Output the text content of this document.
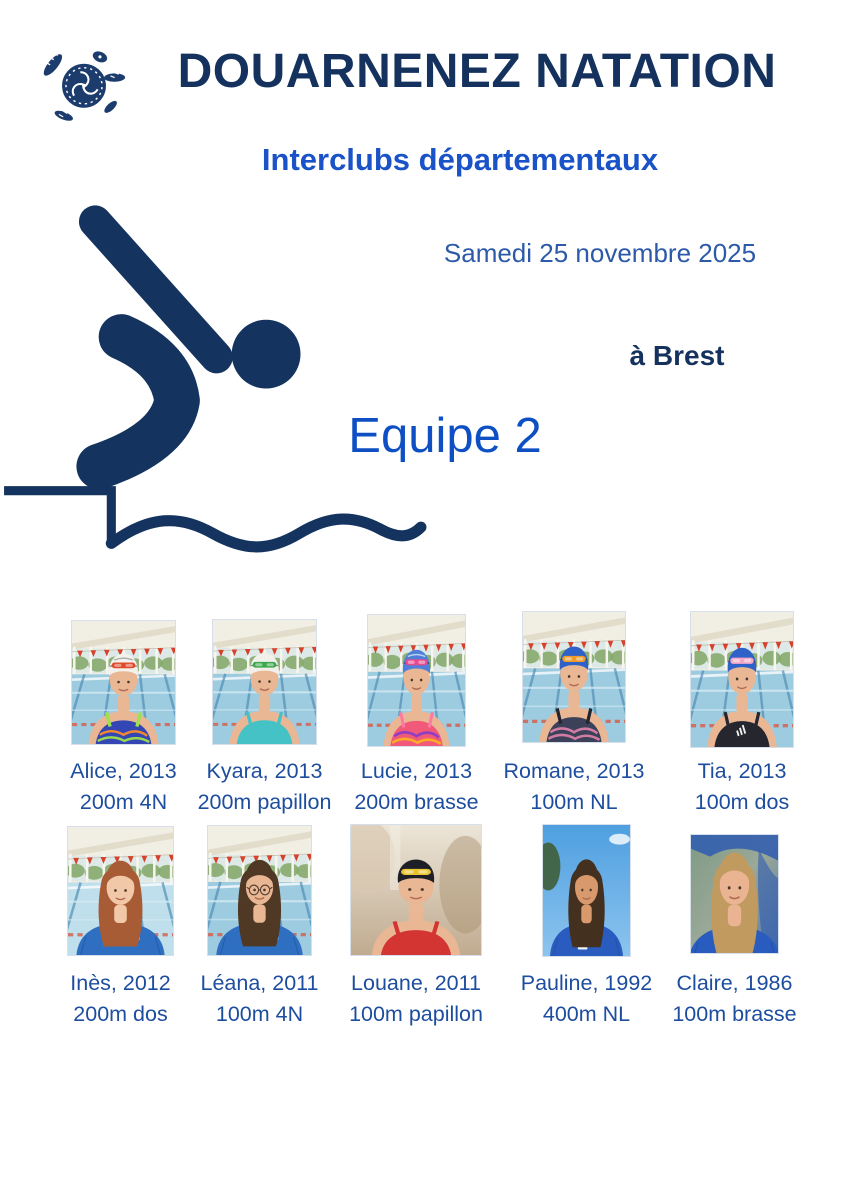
DOUARNENEZ NATATION
Interclubs départementaux
Samedi 25 novembre 2025
à Brest
Equipe 2
Alice, 2013
200m 4N
Kyara, 2013
200m papillon
Lucie, 2013
200m brasse
Romane, 2013
100m NL
Tia, 2013
100m dos
Inès, 2012
200m dos
Léana, 2011
100m 4N
Louane, 2011
100m papillon
Pauline, 1992
400m NL
Claire, 1986
100m brasse
